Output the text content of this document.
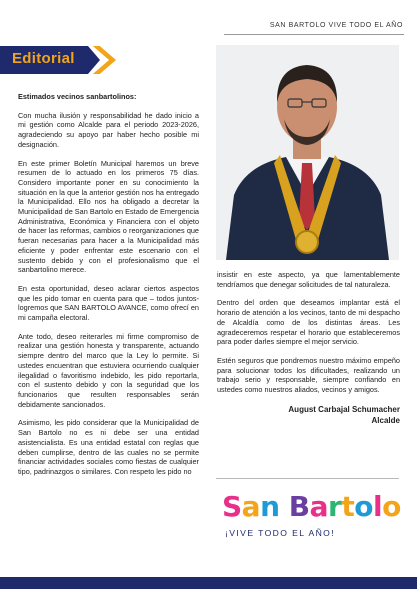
SAN BARTOLO VIVE TODO EL AÑO
Editorial

Estimados vecinos sanbartolinos:

Con mucha ilusión y responsabilidad he dado inicio a mi gestión como Alcalde para el periodo 2023-2026, agradeciendo su apoyo par haber hecho posible mi designación.

En este primer Boletín Municipal haremos un breve resumen de lo actuado en los primeros 75 días. Considero importante poner en su conocimiento la situación en la que la anterior gestión nos ha entregado la Municipalidad. Ello nos ha obligado a decretar la Municipalidad de San Bartolo en Estado de Emergencia Administrativa, Económica y Financiera con el objeto de hacer las reformas, cambios o reorganizaciones que fueran necesarias para hacer a la Municipalidad más eficiente y poder enfrentar este escenario con el sustento debido y con el profesionalismo que el sanbartolino merece.

En esta oportunidad, deseo aclarar ciertos aspectos que les pido tomar en cuenta para que – todos juntos- logremos que SAN BARTOLO AVANCE, como ofrecí en mi campaña electoral.

Ante todo, deseo reiterarles mi firme compromiso de realizar una gestión honesta y transparente, actuando siempre dentro del marco que la Ley lo permite. Si ustedes encuentran que estuviera ocurriendo cualquier ilegalidad o favoritismo indebido, les pido reportarla, con el sustento debido y con la seguridad que los funcionarios que resulten responsables serán debidamente sancionados.

Asimismo, les pido considerar que la Municipalidad de San Bartolo no es ni debe ser una entidad asistencialista. Es una entidad estatal con reglas que deben cumplirse, dentro de las cuales no se permite financiar actividades sociales como fiestas de cualquier tipo, padrinazgos o similares. Con respeto les pido no

insistir en este aspecto, ya que lamentablemente tendríamos que denegar solicitudes de tal naturaleza.

Dentro del orden que deseamos implantar está el horario de atención a los vecinos, tanto de mi despacho de Alcaldía como de los distintas áreas. Les agradeceremos respetar el horario que estableceremos para poder darles siempre el mejor servicio.

Estén seguros que pondremos nuestro máximo empeño para solucionar todos los dificultades, realizando un trabajo serio y responsable, siempre confiando en ustedes como nuestros aliados, vecinos y amigos.

August Carbajal Schumacher
Alcalde
San Bartolo
¡VIVE TODO EL AÑO!
